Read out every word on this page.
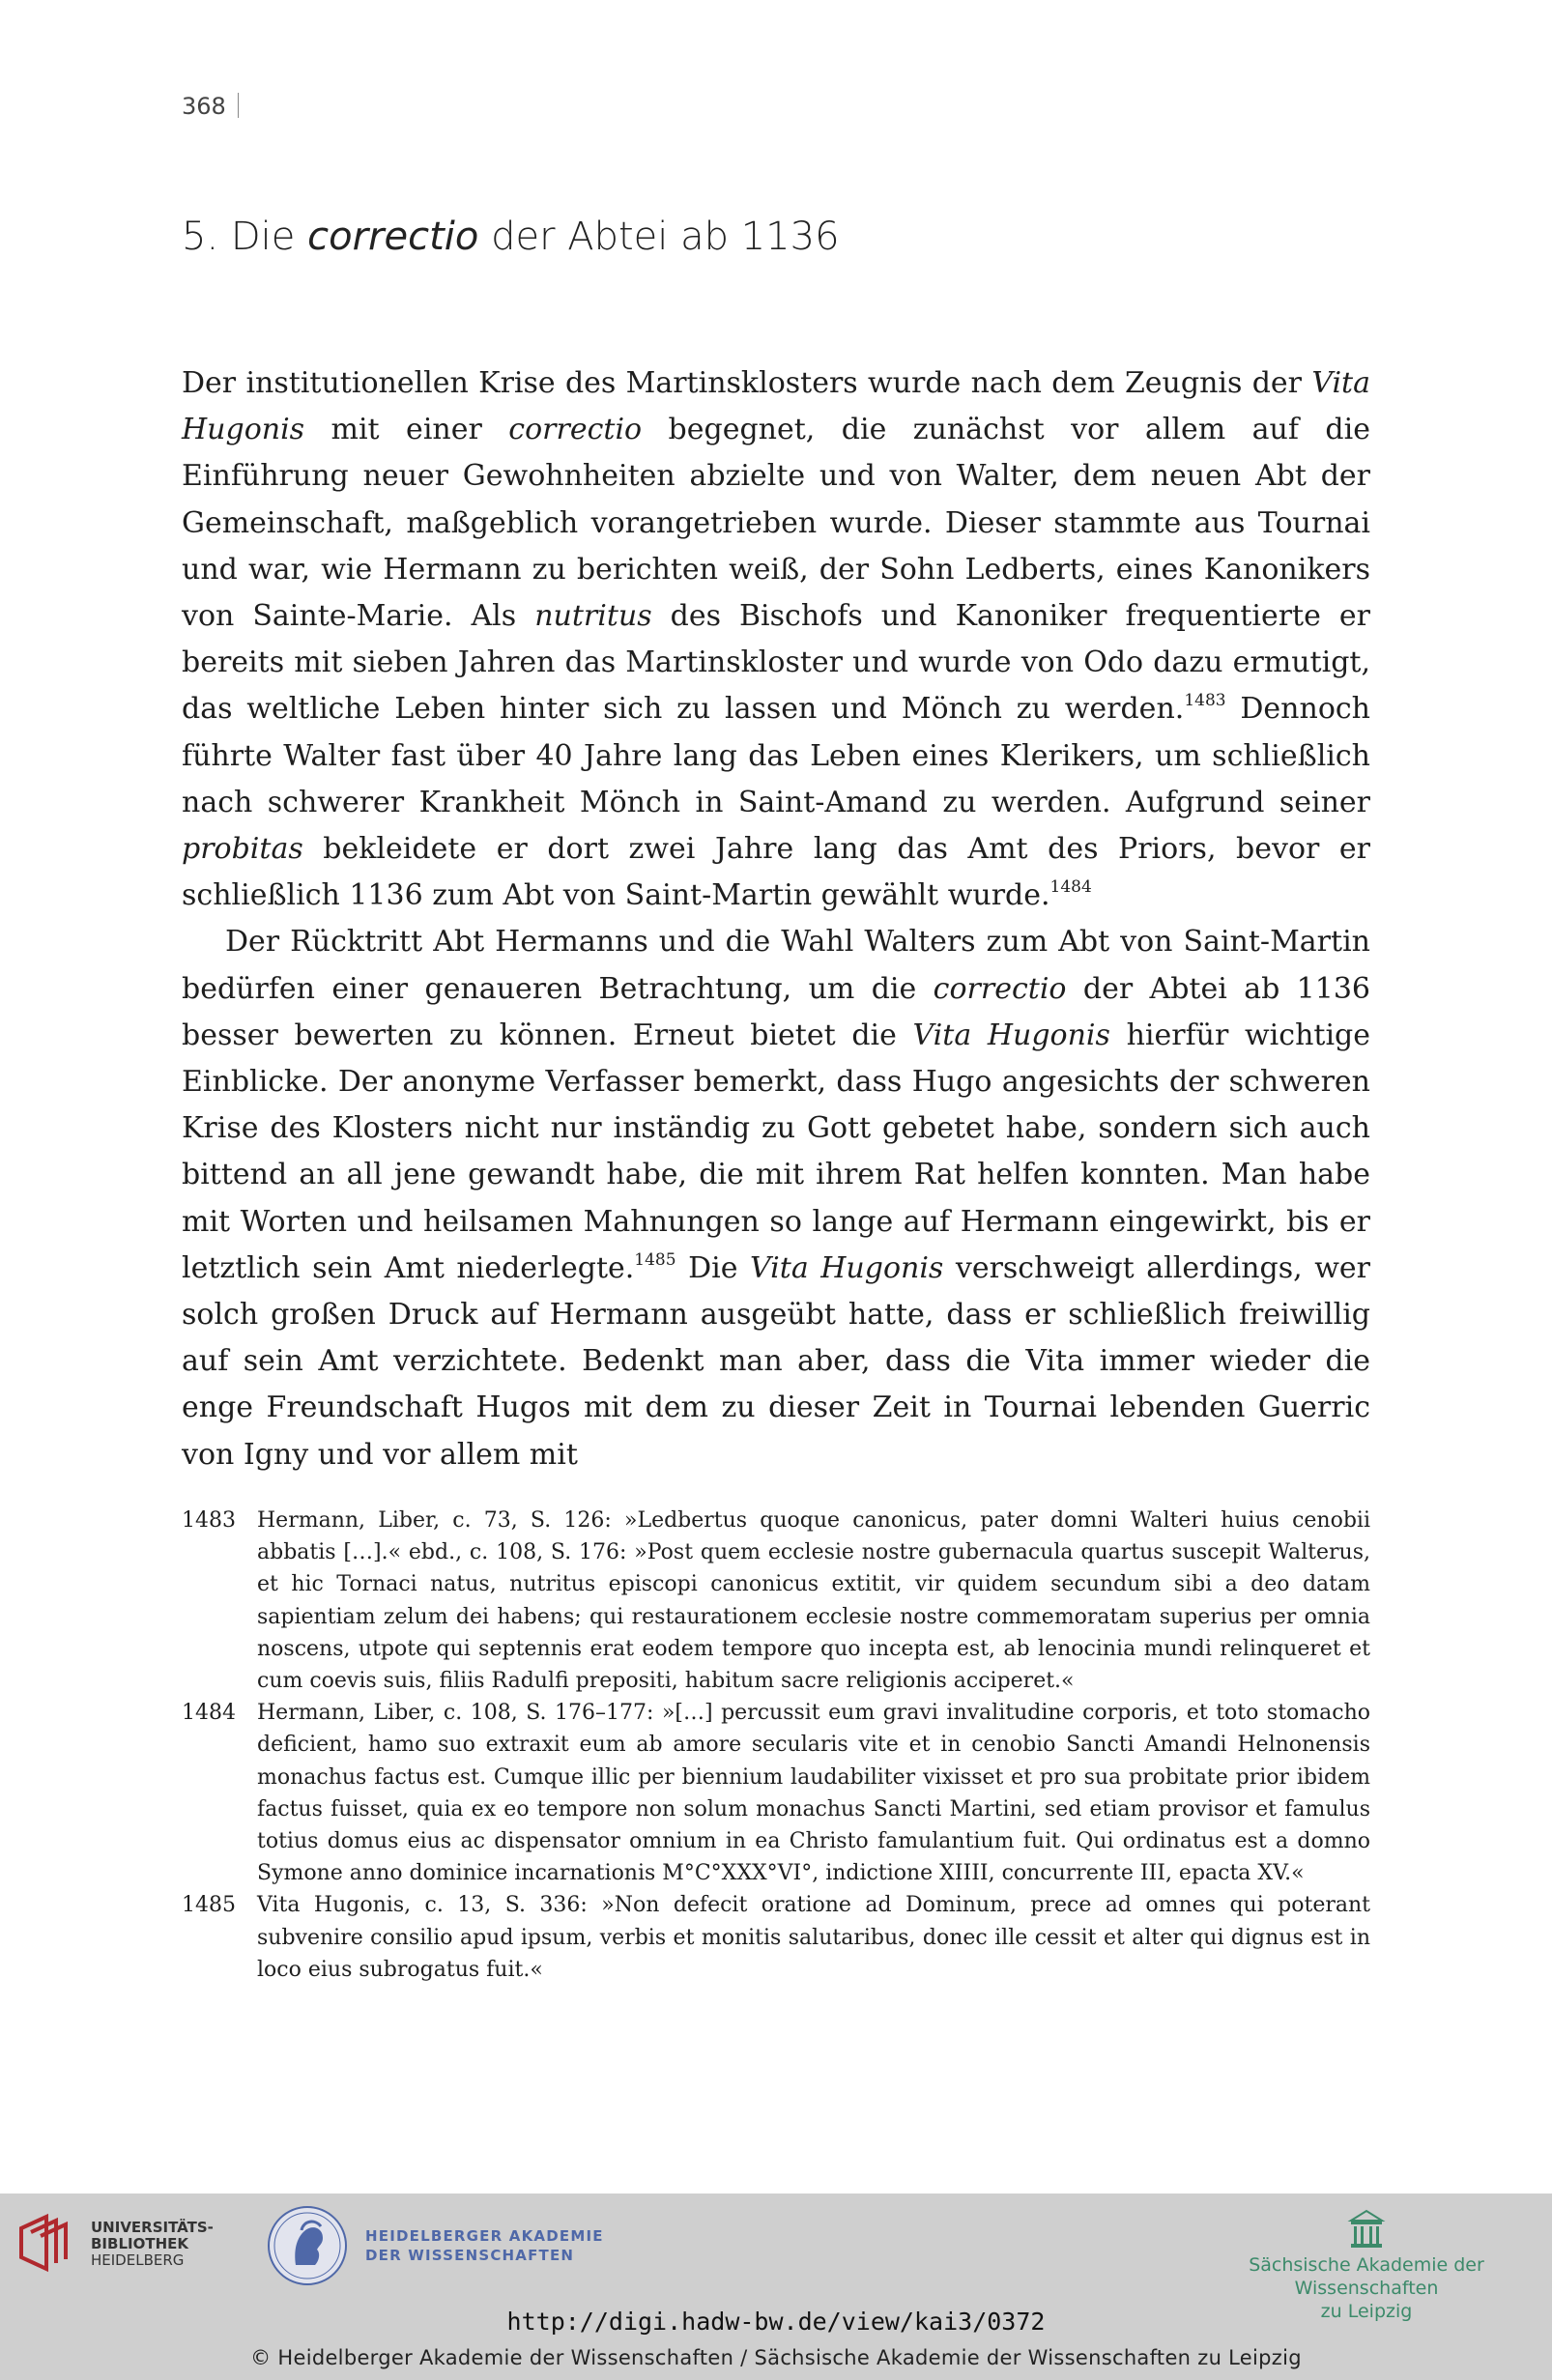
368
5. Die correctio der Abtei ab 1136

Der institutionellen Krise des Martinsklosters wurde nach dem Zeugnis der Vita Hugonis mit einer correctio begegnet, die zunächst vor allem auf die Einführung neuer Gewohnheiten abzielte und von Walter, dem neuen Abt der Gemeinschaft, maßgeblich vorangetrieben wurde. Dieser stammte aus Tournai und war, wie Hermann zu berichten weiß, der Sohn Ledberts, eines Kanonikers von Sainte-Marie. Als nutritus des Bischofs und Kanoniker frequentierte er bereits mit sieben Jahren das Martinskloster und wurde von Odo dazu ermutigt, das weltliche Leben hinter sich zu lassen und Mönch zu werden.$^{1483}$ Dennoch führte Walter fast über 40 Jahre lang das Leben eines Klerikers, um schließlich nach schwerer Krankheit Mönch in Saint-Amand zu werden. Aufgrund seiner probitas bekleidete er dort zwei Jahre lang das Amt des Priors, bevor er schließlich 1136 zum Abt von Saint-Martin gewählt wurde.$^{1484}$

Der Rücktritt Abt Hermanns und die Wahl Walters zum Abt von Saint-Martin bedürfen einer genaueren Betrachtung, um die correctio der Abtei ab 1136 besser bewerten zu können. Erneut bietet die Vita Hugonis hierfür wichtige Einblicke. Der anonyme Verfasser bemerkt, dass Hugo angesichts der schweren Krise des Klosters nicht nur inständig zu Gott gebetet habe, sondern sich auch bittend an all jene gewandt habe, die mit ihrem Rat helfen konnten. Man habe mit Worten und heilsamen Mahnungen so lange auf Hermann eingewirkt, bis er letztlich sein Amt niederlegte.$^{1485}$ Die Vita Hugonis verschweigt allerdings, wer solch großen Druck auf Hermann ausgeübt hatte, dass er schließlich freiwillig auf sein Amt verzichtete. Bedenkt man aber, dass die Vita immer wieder die enge Freundschaft Hugos mit dem zu dieser Zeit in Tournai lebenden Guerric von Igny und vor allem mit

1483	Hermann, Liber, c. 73, S. 126: »Ledbertus quoque canonicus, pater domni Walteri huius cenobii abbatis […].« ebd., c. 108, S. 176: »Post quem ecclesie nostre gubernacula quartus suscepit Walterus, et hic Tornaci natus, nutritus episcopi canonicus extitit, vir quidem secundum sibi a deo datam sapientiam zelum dei habens; qui restaurationem ecclesie nostre commemoratam superius per omnia noscens, utpote qui septennis erat eodem tempore quo incepta est, ab lenocinia mundi relinqueret et cum coevis suis, filiis Radulfi prepositi, habitum sacre religionis acciperet.«
1484	Hermann, Liber, c. 108, S. 176–177: »[…] percussit eum gravi invalitudine corporis, et toto stomacho deficient, hamo suo extraxit eum ab amore secularis vite et in cenobio Sancti Amandi Helnonensis monachus factus est. Cumque illic per biennium laudabiliter vixisset et pro sua probitate prior ibidem factus fuisset, quia ex eo tempore non solum monachus Sancti Martini, sed etiam provisor et famulus totius domus eius ac dispensator omnium in ea Christo famulantium fuit. Qui ordinatus est a domno Symone anno dominice incarnationis M°C°XXX°VI°, indictione XIIII, concurrente III, epacta XV.«
1485	Vita Hugonis, c. 13, S. 336: »Non defecit oratione ad Dominum, prece ad omnes qui poterant subvenire consilio apud ipsum, verbis et monitis salutaribus, donec ille cessit et alter qui dignus est in loco eius subrogatus fuit.«
UNIVERSITÄTS-
BIBLIOTHEK
HEIDELBERG
HEIDELBERGER AKADEMIE
DER WISSENSCHAFTEN	Sächsische Akademie der Wissenschaften
zu Leipzig
http://digi.hadw-bw.de/view/kai3/0372
© Heidelberger Akademie der Wissenschaften / Sächsische Akademie der Wissenschaften zu Leipzig
